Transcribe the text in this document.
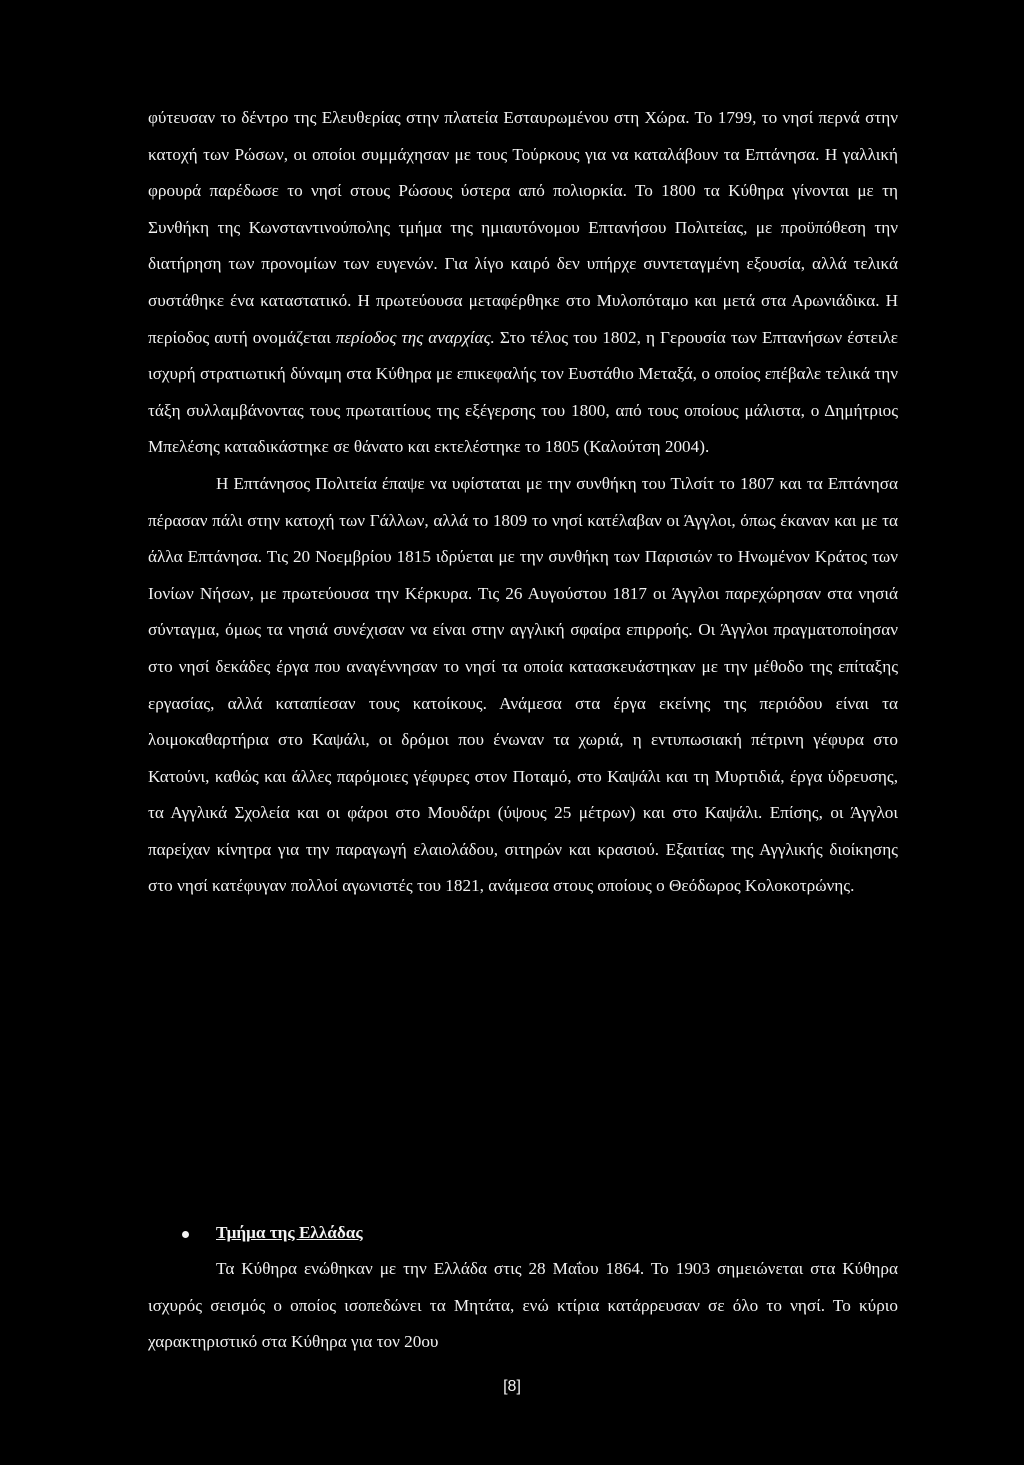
φύτευσαν το δέντρο της Ελευθερίας στην πλατεία Εσταυρωμένου στη Χώρα. Το 1799, το νησί περνά στην κατοχή των Ρώσων, οι οποίοι συμμάχησαν με τους Τούρκους για να καταλάβουν τα Επτάνησα. Η γαλλική φρουρά παρέδωσε το νησί στους Ρώσους ύστερα από πολιορκία. Το 1800 τα Κύθηρα γίνονται με τη Συνθήκη της Κωνσταντινούπολης τμήμα της ημιαυτόνομου Επτανήσου Πολιτείας, με προϋπόθεση την διατήρηση των προνομίων των ευγενών. Για λίγο καιρό δεν υπήρχε συντεταγμένη εξουσία, αλλά τελικά συστάθηκε ένα καταστατικό. Η πρωτεύουσα μεταφέρθηκε στο Μυλοπόταμο και μετά στα Αρωνιάδικα. Η περίοδος αυτή ονομάζεται περίοδος της αναρχίας. Στο τέλος του 1802, η Γερουσία των Επτανήσων έστειλε ισχυρή στρατιωτική δύναμη στα Κύθηρα με επικεφαλής τον Ευστάθιο Μεταξά, ο οποίος επέβαλε τελικά την τάξη συλλαμβάνοντας τους πρωταιτίους της εξέγερσης του 1800, από τους οποίους μάλιστα, ο Δημήτριος Μπελέσης καταδικάστηκε σε θάνατο και εκτελέστηκε το 1805 (Καλούτση 2004).

Η Επτάνησος Πολιτεία έπαψε να υφίσταται με την συνθήκη του Τιλσίτ το 1807 και τα Επτάνησα πέρασαν πάλι στην κατοχή των Γάλλων, αλλά το 1809 το νησί κατέλαβαν οι Άγγλοι, όπως έκαναν και με τα άλλα Επτάνησα. Τις 20 Νοεμβρίου 1815 ιδρύεται με την συνθήκη των Παρισιών το Ηνωμένον Κράτος των Ιονίων Νήσων, με πρωτεύουσα την Κέρκυρα. Τις 26 Αυγούστου 1817 οι Άγγλοι παρεχώρησαν στα νησιά σύνταγμα, όμως τα νησιά συνέχισαν να είναι στην αγγλική σφαίρα επιρροής. Οι Άγγλοι πραγματοποίησαν στο νησί δεκάδες έργα που αναγέννησαν το νησί τα οποία κατασκευάστηκαν με την μέθοδο της επίταξης εργασίας, αλλά καταπίεσαν τους κατοίκους. Ανάμεσα στα έργα εκείνης της περιόδου είναι τα λοιμοκαθαρτήρια στο Καψάλι, οι δρόμοι που ένωναν τα χωριά, η εντυπωσιακή πέτρινη γέφυρα στο Κατούνι, καθώς και άλλες παρόμοιες γέφυρες στον Ποταμό, στο Καψάλι και τη Μυρτιδιά, έργα ύδρευσης, τα Αγγλικά Σχολεία και οι φάροι στο Μουδάρι (ύψους 25 μέτρων) και στο Καψάλι. Επίσης, οι Άγγλοι παρείχαν κίνητρα για την παραγωγή ελαιολάδου, σιτηρών και κρασιού. Εξαιτίας της Αγγλικής διοίκησης στο νησί κατέφυγαν πολλοί αγωνιστές του 1821, ανάμεσα στους οποίους ο Θεόδωρος Κολοκοτρώνης.

Τμήμα της Ελλάδας

Τα Κύθηρα ενώθηκαν με την Ελλάδα στις 28 Μαΐου 1864. Το 1903 σημειώνεται στα Κύθηρα ισχυρός σεισμός ο οποίος ισοπεδώνει τα Μητάτα, ενώ κτίρια κατάρρευσαν σε όλο το νησί. Το κύριο χαρακτηριστικό στα Κύθηρα για τον 20ου

[8]
